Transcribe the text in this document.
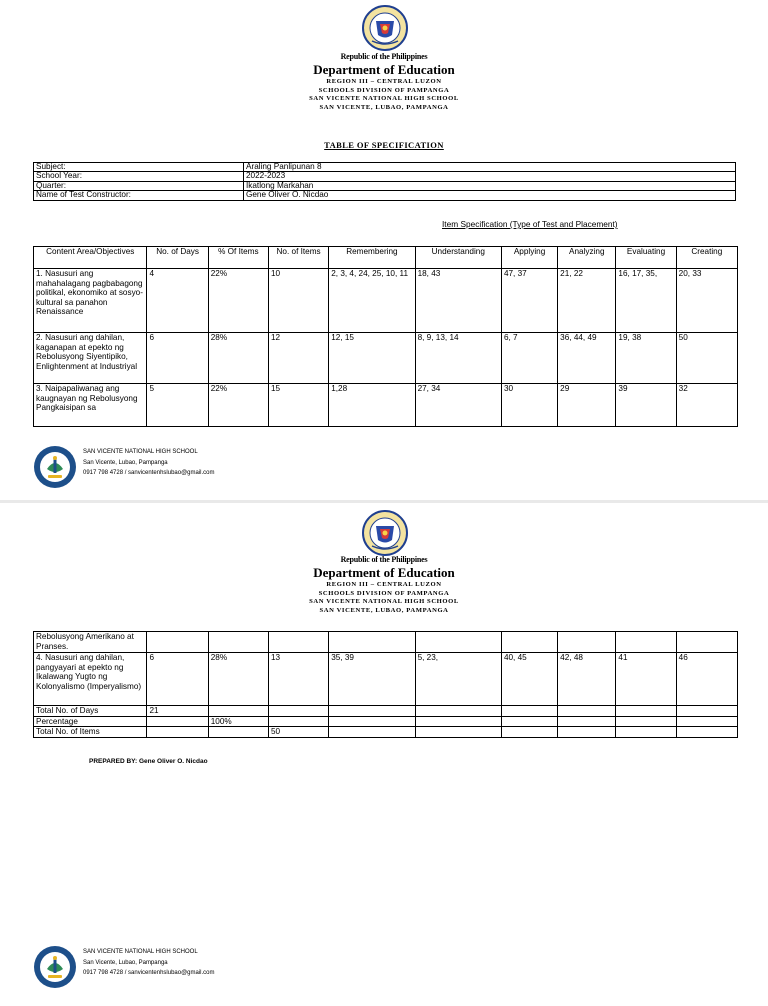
Republic of the Philippines
Department of Education
REGION III – CENTRAL LUZON
SCHOOLS DIVISION OF PAMPANGA
SAN VICENTE NATIONAL HIGH SCHOOL
SAN VICENTE, LUBAO, PAMPANGA
TABLE OF SPECIFICATION
Subject:	Araling Panlipunan 8
School Year:	2022-2023
Quarter:	Ikatlong Markahan
Name of Test Constructor:	Gene Oliver O. Nicdao
Item Specification (Type of Test and Placement)
Content Area/Objectives	No. of Days	% Of Items	No. of Items	Remembering	Understanding	Applying	Analyzing	Evaluating	Creating
1. Nasusuri ang mahahalagang pagbabagong politikal, ekonomiko at sosyo-kultural sa panahon Renaissance	4	22%	10	2, 3, 4, 24, 25, 10, 11	18, 43	47, 37	21, 22	16, 17, 35,	20, 33
2. Nasusuri ang dahilan, kaganapan at epekto ng Rebolusyong Siyentipiko, Enlightenment at Industriyal	6	28%	12	12, 15	8, 9, 13, 14	6, 7	36, 44, 49	19, 38	50
3. Naipapaliwanag ang kaugnayan ng Rebolusyong Pangkaisipan sa	5	22%	15	1,28	27, 34	30	29	39	32
SAN VICENTE NATIONAL HIGH SCHOOL
San Vicente, Lubao, Pampanga
0917 798 4728 / sanvicentenhslubao@gmail.com
Republic of the Philippines
Department of Education
REGION III – CENTRAL LUZON
SCHOOLS DIVISION OF PAMPANGA
SAN VICENTE NATIONAL HIGH SCHOOL
SAN VICENTE, LUBAO, PAMPANGA
Rebolusyong Amerikano at Pranses.									
4. Nasusuri ang dahilan, pangyayari at epekto ng Ikalawang Yugto ng Kolonyalismo (Imperyalismo)	6	28%	13	35, 39	5, 23,	40, 45	42, 48	41	46
Total No. of Days	21								
Percentage		100%							
Total No. of Items			50						
SAN VICENTE NATIONAL HIGH SCHOOL
San Vicente, Lubao, Pampanga
0917 798 4728 / sanvicentenhslubao@gmail.com
PREPARED BY: Gene Oliver O. Nicdao
